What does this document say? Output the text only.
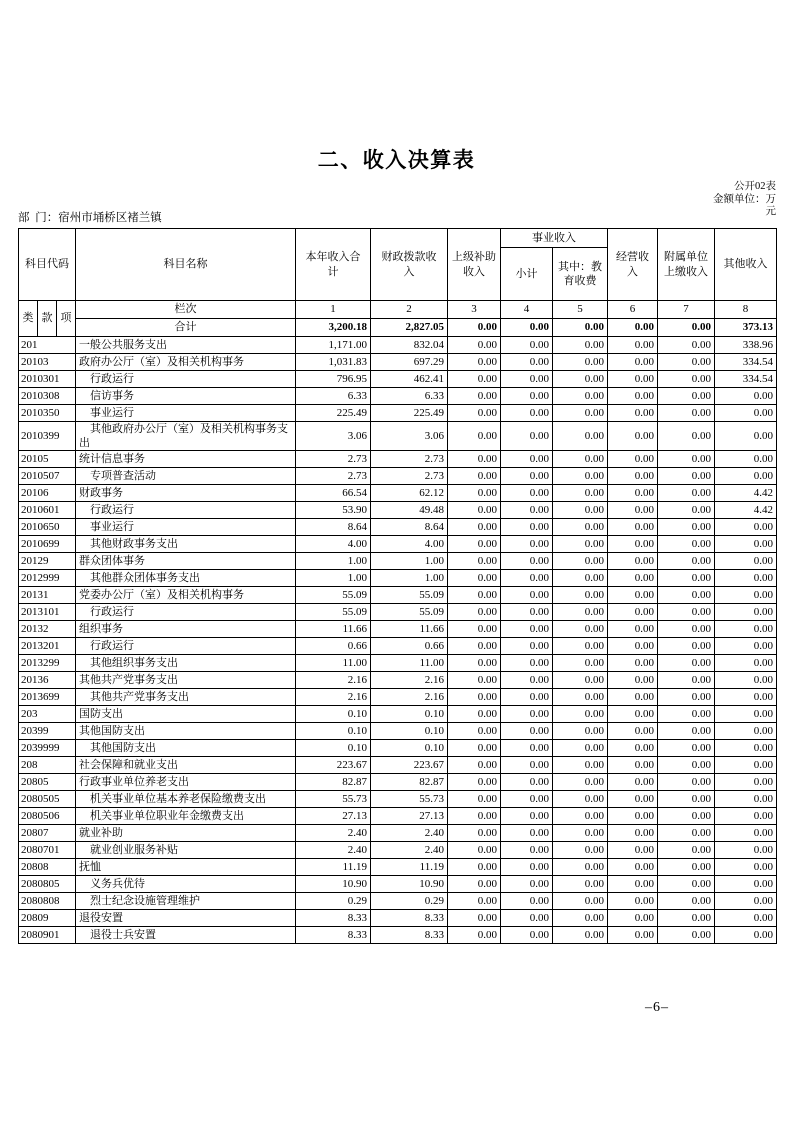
二、收入决算表
公开02表
金额单位：万
元
部  门：宿州市埇桥区褚兰镇
科目代码			科目名称	本年收入合
计	财政拨款收
入	上级补助
收入	事业收入		经营收
入	附属单位
上缴收入	其他收入
							小计	其中：教
育收费			
类	款	项	栏次	1	2	3	4	5	6	7	8
			合计	3,200.18	2,827.05	0.00	0.00	0.00	0.00	0.00	373.13
201			一般公共服务支出	1,171.00	832.04	0.00	0.00	0.00	0.00	0.00	338.96
20103			政府办公厅（室）及相关机构事务	1,031.83	697.29	0.00	0.00	0.00	0.00	0.00	334.54
2010301			行政运行	796.95	462.41	0.00	0.00	0.00	0.00	0.00	334.54
2010308			信访事务	6.33	6.33	0.00	0.00	0.00	0.00	0.00	0.00
2010350			事业运行	225.49	225.49	0.00	0.00	0.00	0.00	0.00	0.00
2010399			其他政府办公厅（室）及相关机构事务支出	3.06	3.06	0.00	0.00	0.00	0.00	0.00	0.00
20105			统计信息事务	2.73	2.73	0.00	0.00	0.00	0.00	0.00	0.00
2010507			专项普查活动	2.73	2.73	0.00	0.00	0.00	0.00	0.00	0.00
20106			财政事务	66.54	62.12	0.00	0.00	0.00	0.00	0.00	4.42
2010601			行政运行	53.90	49.48	0.00	0.00	0.00	0.00	0.00	4.42
2010650			事业运行	8.64	8.64	0.00	0.00	0.00	0.00	0.00	0.00
2010699			其他财政事务支出	4.00	4.00	0.00	0.00	0.00	0.00	0.00	0.00
20129			群众团体事务	1.00	1.00	0.00	0.00	0.00	0.00	0.00	0.00
2012999			其他群众团体事务支出	1.00	1.00	0.00	0.00	0.00	0.00	0.00	0.00
20131			党委办公厅（室）及相关机构事务	55.09	55.09	0.00	0.00	0.00	0.00	0.00	0.00
2013101			行政运行	55.09	55.09	0.00	0.00	0.00	0.00	0.00	0.00
20132			组织事务	11.66	11.66	0.00	0.00	0.00	0.00	0.00	0.00
2013201			行政运行	0.66	0.66	0.00	0.00	0.00	0.00	0.00	0.00
2013299			其他组织事务支出	11.00	11.00	0.00	0.00	0.00	0.00	0.00	0.00
20136			其他共产党事务支出	2.16	2.16	0.00	0.00	0.00	0.00	0.00	0.00
2013699			其他共产党事务支出	2.16	2.16	0.00	0.00	0.00	0.00	0.00	0.00
203			国防支出	0.10	0.10	0.00	0.00	0.00	0.00	0.00	0.00
20399			其他国防支出	0.10	0.10	0.00	0.00	0.00	0.00	0.00	0.00
2039999			其他国防支出	0.10	0.10	0.00	0.00	0.00	0.00	0.00	0.00
208			社会保障和就业支出	223.67	223.67	0.00	0.00	0.00	0.00	0.00	0.00
20805			行政事业单位养老支出	82.87	82.87	0.00	0.00	0.00	0.00	0.00	0.00
2080505			机关事业单位基本养老保险缴费支出	55.73	55.73	0.00	0.00	0.00	0.00	0.00	0.00
2080506			机关事业单位职业年金缴费支出	27.13	27.13	0.00	0.00	0.00	0.00	0.00	0.00
20807			就业补助	2.40	2.40	0.00	0.00	0.00	0.00	0.00	0.00
2080701			就业创业服务补贴	2.40	2.40	0.00	0.00	0.00	0.00	0.00	0.00
20808			抚恤	11.19	11.19	0.00	0.00	0.00	0.00	0.00	0.00
2080805			义务兵优待	10.90	10.90	0.00	0.00	0.00	0.00	0.00	0.00
2080808			烈士纪念设施管理维护	0.29	0.29	0.00	0.00	0.00	0.00	0.00	0.00
20809			退役安置	8.33	8.33	0.00	0.00	0.00	0.00	0.00	0.00
2080901			退役士兵安置	8.33	8.33	0.00	0.00	0.00	0.00	0.00	0.00
–6–
